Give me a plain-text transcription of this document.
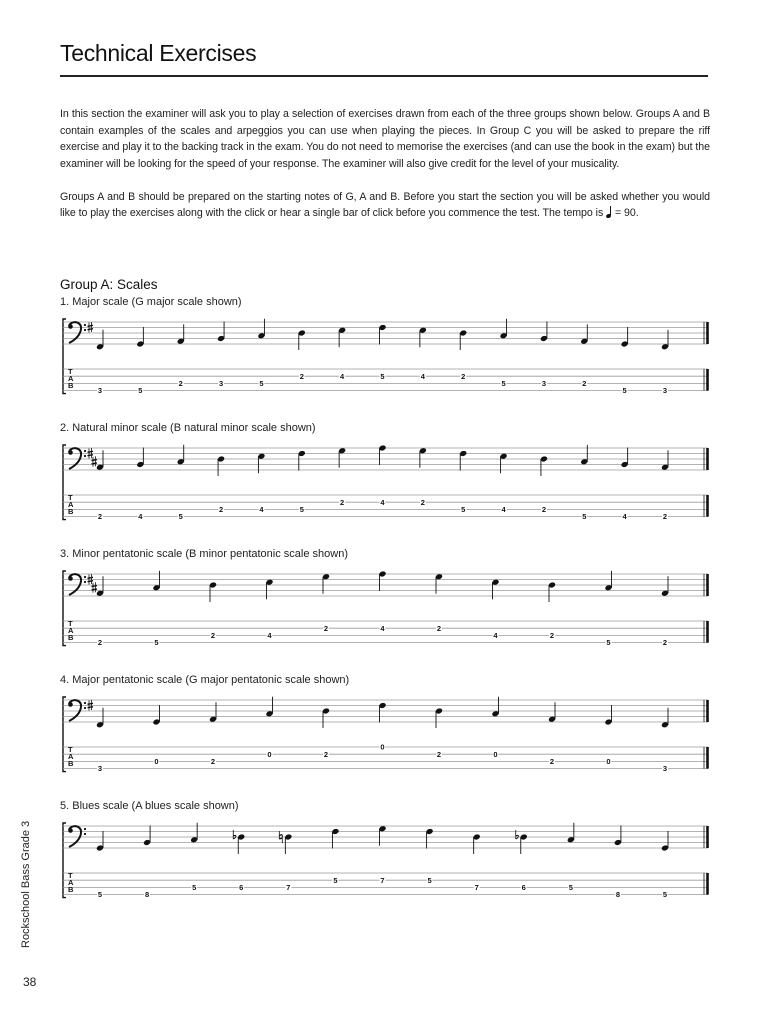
Technical Exercises

In this section the examiner will ask you to play a selection of exercises drawn from each of the three groups shown below. Groups A and B contain examples of the scales and arpeggios you can use when playing the pieces. In Group C you will be asked to prepare the riff exercise and play it to the backing track in the exam. You do not need to memorise the exercises (and can use the book in the exam) but the examiner will be looking for the speed of your response. The examiner will also give credit for the level of your musicality.

Groups A and B should be prepared on the starting notes of G, A and B. Before you start the section you will be asked whether you would like to play the exercises along with the click or hear a single bar of click before you commence the test. The tempo is  = 90.

Group A: Scales

1. Major scale (G major scale shown)

T
A
B
3	5
2	3	5
2	4	5	4	2
5	3	2
5	3

2. Natural minor scale (B natural minor scale shown)

T
A
B
2	4	5
2	4	5
2	4	2
5	4	2
5	4	2

3. Minor pentatonic scale (B minor pentatonic scale shown)

T
A
B
2	5
2	4
2	4	2
4	2
5	2

4. Major pentatonic scale (G major pentatonic scale shown)

T
A
B
3
0	2
0	2
0
2	0
2	0
3

5. Blues scale (A blues scale shown)

T
A
B
5	8
5	6	7
5	7	5
7	6	5
8	5
Rockschool Bass Grade 3
38
